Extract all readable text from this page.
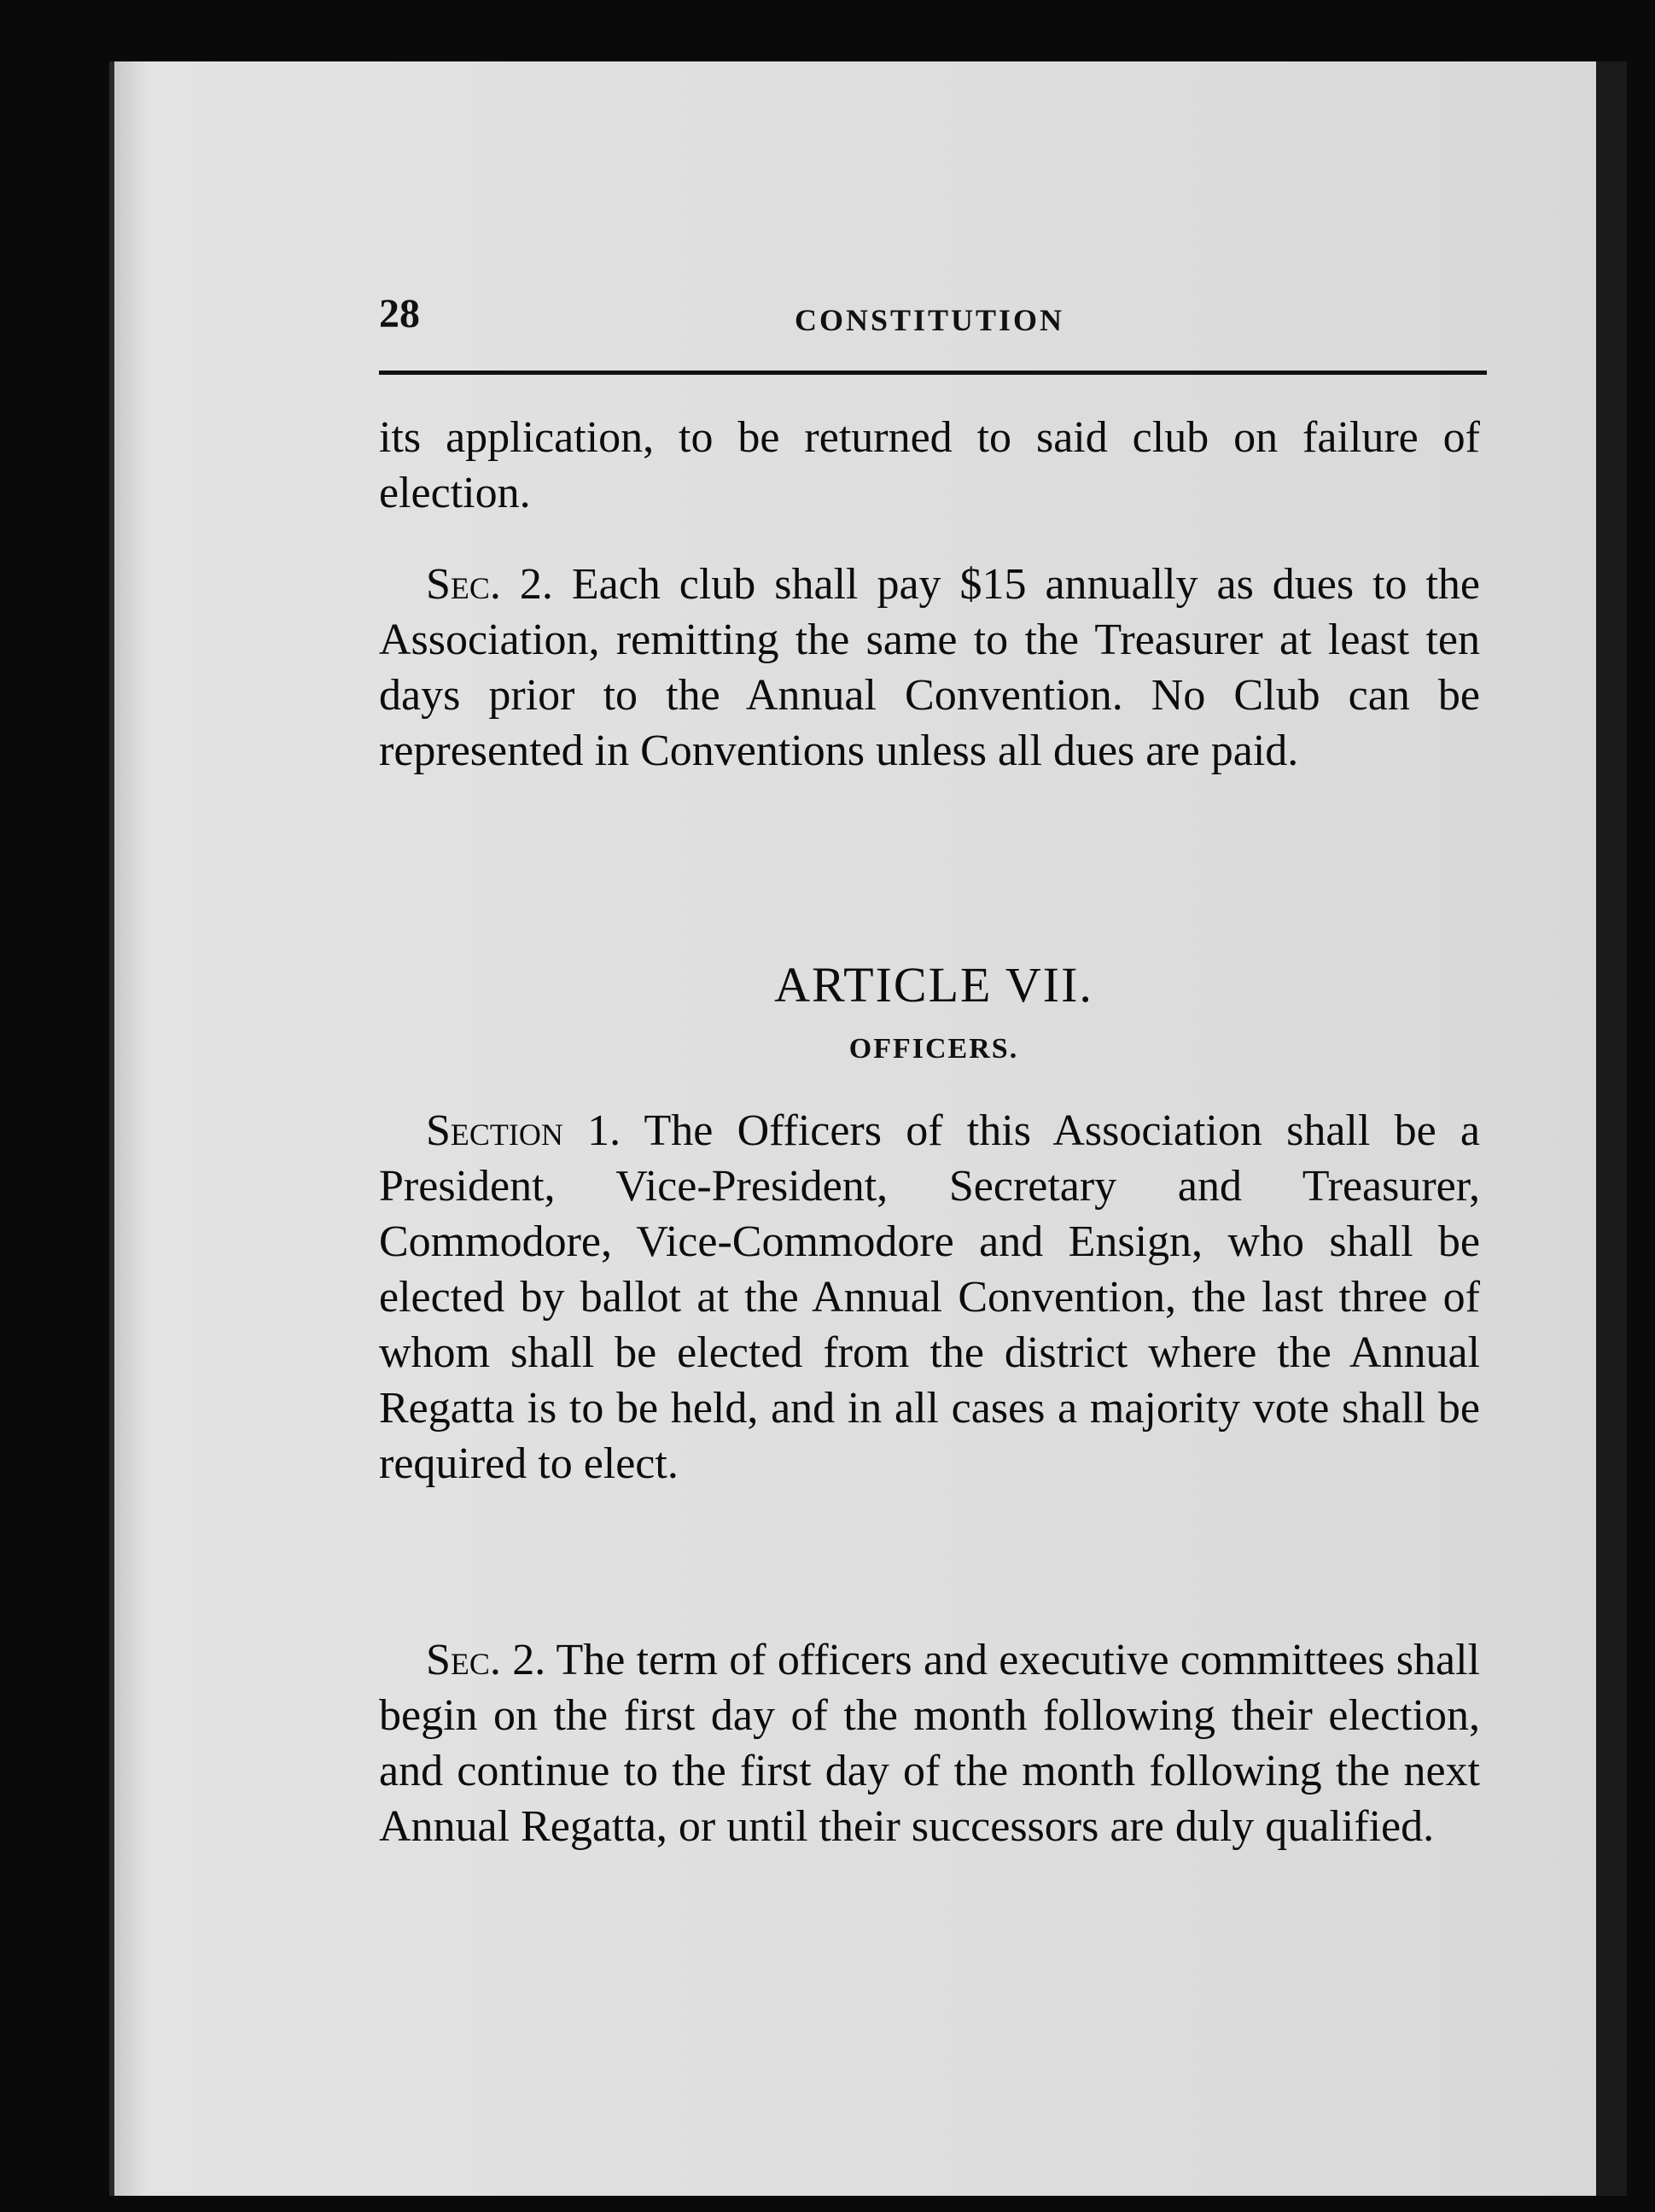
28	CONSTITUTION
its application, to be returned to said club on failure of election.
Sec. 2. Each club shall pay $15 annually as dues to the Association, remitting the same to the Treasurer at least ten days prior to the Annual Convention. No Club can be represented in Conventions unless all dues are paid.
ARTICLE VII.
OFFICERS.
Section 1. The Officers of this Association shall be a President, Vice-President, Secretary and Treasurer, Commodore, Vice-Commodore and Ensign, who shall be elected by ballot at the Annual Convention, the last three of whom shall be elected from the district where the Annual Regatta is to be held, and in all cases a majority vote shall be required to elect.
Sec. 2. The term of officers and executive committees shall begin on the first day of the month following their election, and continue to the first day of the month following the next Annual Regatta, or until their successors are duly qualified.
